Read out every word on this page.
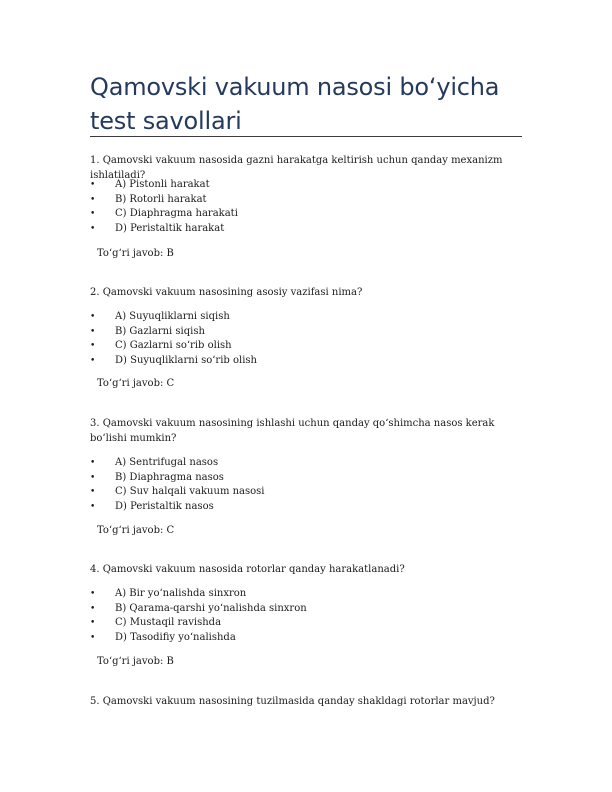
Qamovski vakuum nasosi bo‘yicha test savollari

1. Qamovski vakuum nasosida gazni harakatga keltirish uchun qanday mexanizm ishlatiladi?

• A) Pistonli harakat
• B) Rotorli harakat
• C) Diaphragma harakati
• D) Peristaltik harakat

To‘g‘ri javob: B

2. Qamovski vakuum nasosining asosiy vazifasi nima?

• A) Suyuqliklarni siqish
• B) Gazlarni siqish
• C) Gazlarni so‘rib olish
• D) Suyuqliklarni so‘rib olish

To‘g‘ri javob: C

3. Qamovski vakuum nasosining ishlashi uchun qanday qo‘shimcha nasos kerak bo‘lishi mumkin?

• A) Sentrifugal nasos
• B) Diaphragma nasos
• C) Suv halqali vakuum nasosi
• D) Peristaltik nasos

To‘g‘ri javob: C

4. Qamovski vakuum nasosida rotorlar qanday harakatlanadi?

• A) Bir yo‘nalishda sinxron
• B) Qarama-qarshi yo‘nalishda sinxron
• C) Mustaqil ravishda
• D) Tasodifiy yo‘nalishda

To‘g‘ri javob: B

5. Qamovski vakuum nasosining tuzilmasida qanday shakldagi rotorlar mavjud?
